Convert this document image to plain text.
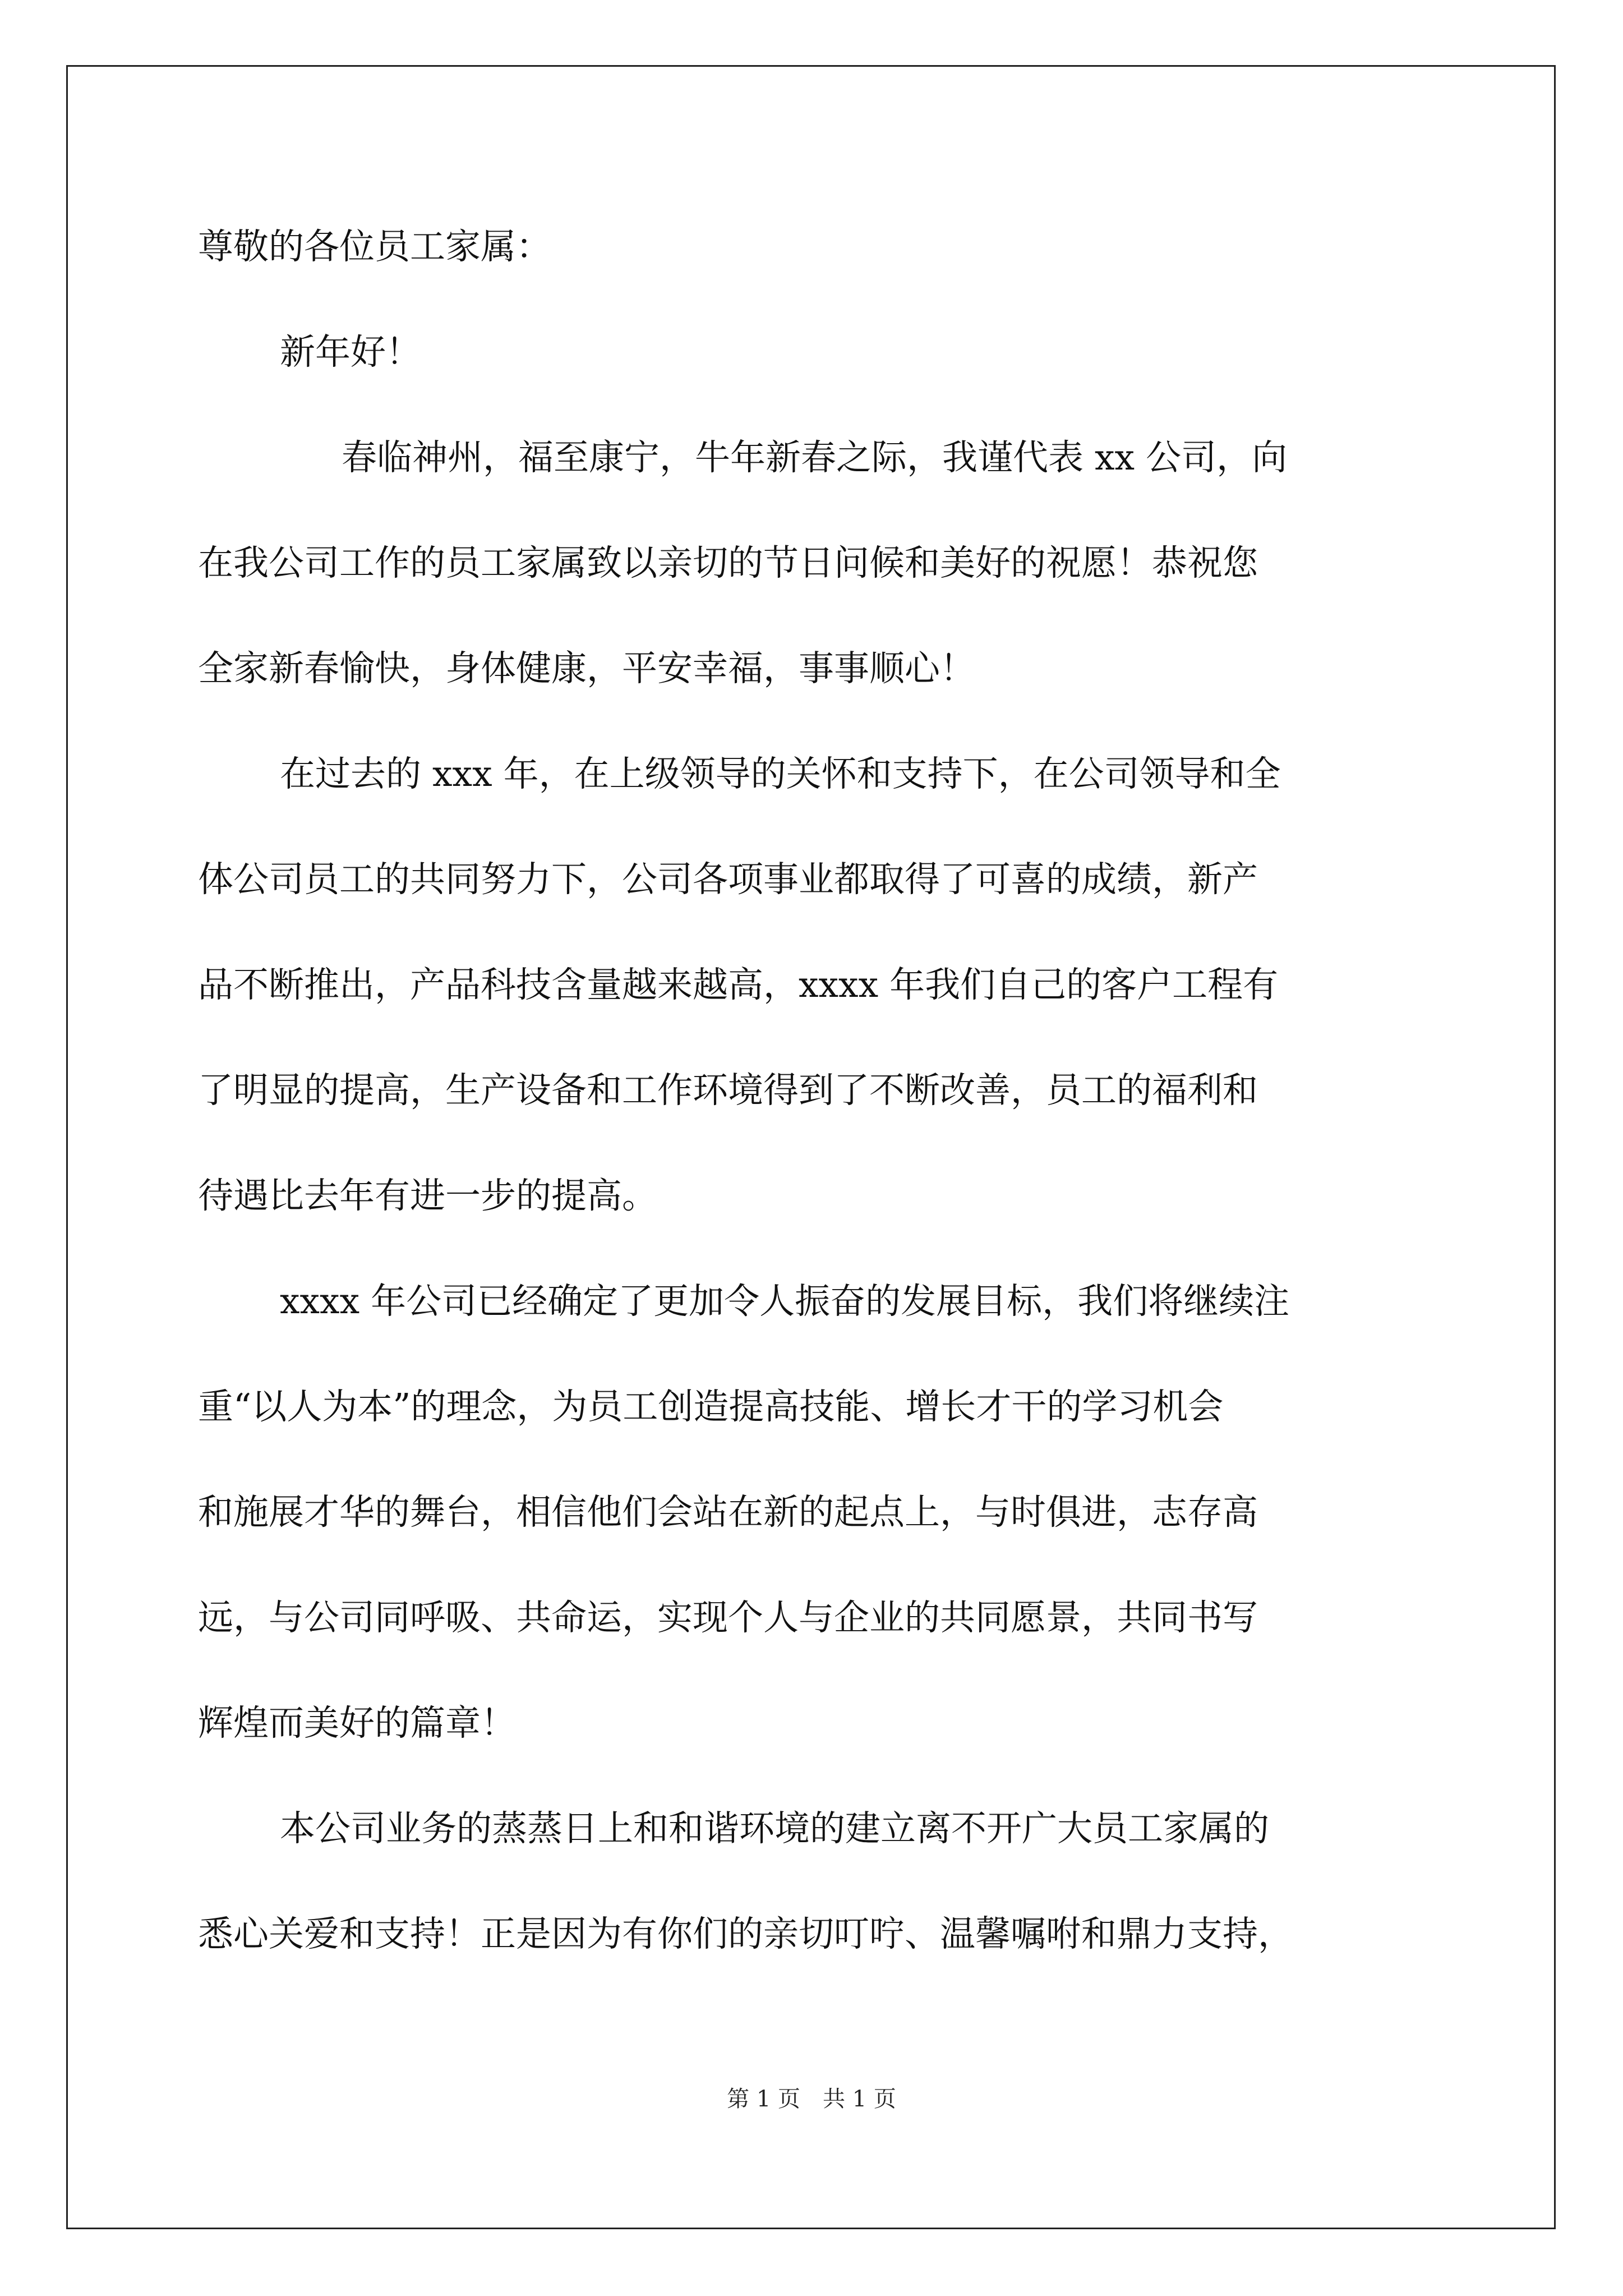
尊敬的各位员工家属：
新年好！
春临神州，福至康宁，牛年新春之际，我谨代表 xx 公司，向
在我公司工作的员工家属致以亲切的节日问候和美好的祝愿！恭祝您
全家新春愉快，身体健康，平安幸福，事事顺心！
在过去的 xxx 年，在上级领导的关怀和支持下，在公司领导和全
体公司员工的共同努力下，公司各项事业都取得了可喜的成绩，新产
品不断推出，产品科技含量越来越高，xxxx 年我们自己的客户工程有
了明显的提高，生产设备和工作环境得到了不断改善，员工的福利和
待遇比去年有进一步的提高。
xxxx 年公司已经确定了更加令人振奋的发展目标，我们将继续注
重“以人为本”的理念，为员工创造提高技能、增长才干的学习机会
和施展才华的舞台，相信他们会站在新的起点上，与时俱进，志存高
远，与公司同呼吸、共命运，实现个人与企业的共同愿景，共同书写
辉煌而美好的篇章！
本公司业务的蒸蒸日上和和谐环境的建立离不开广大员工家属的
悉心关爱和支持！正是因为有你们的亲切叮咛、温馨嘱咐和鼎力支持，
第 1 页　共 1 页
